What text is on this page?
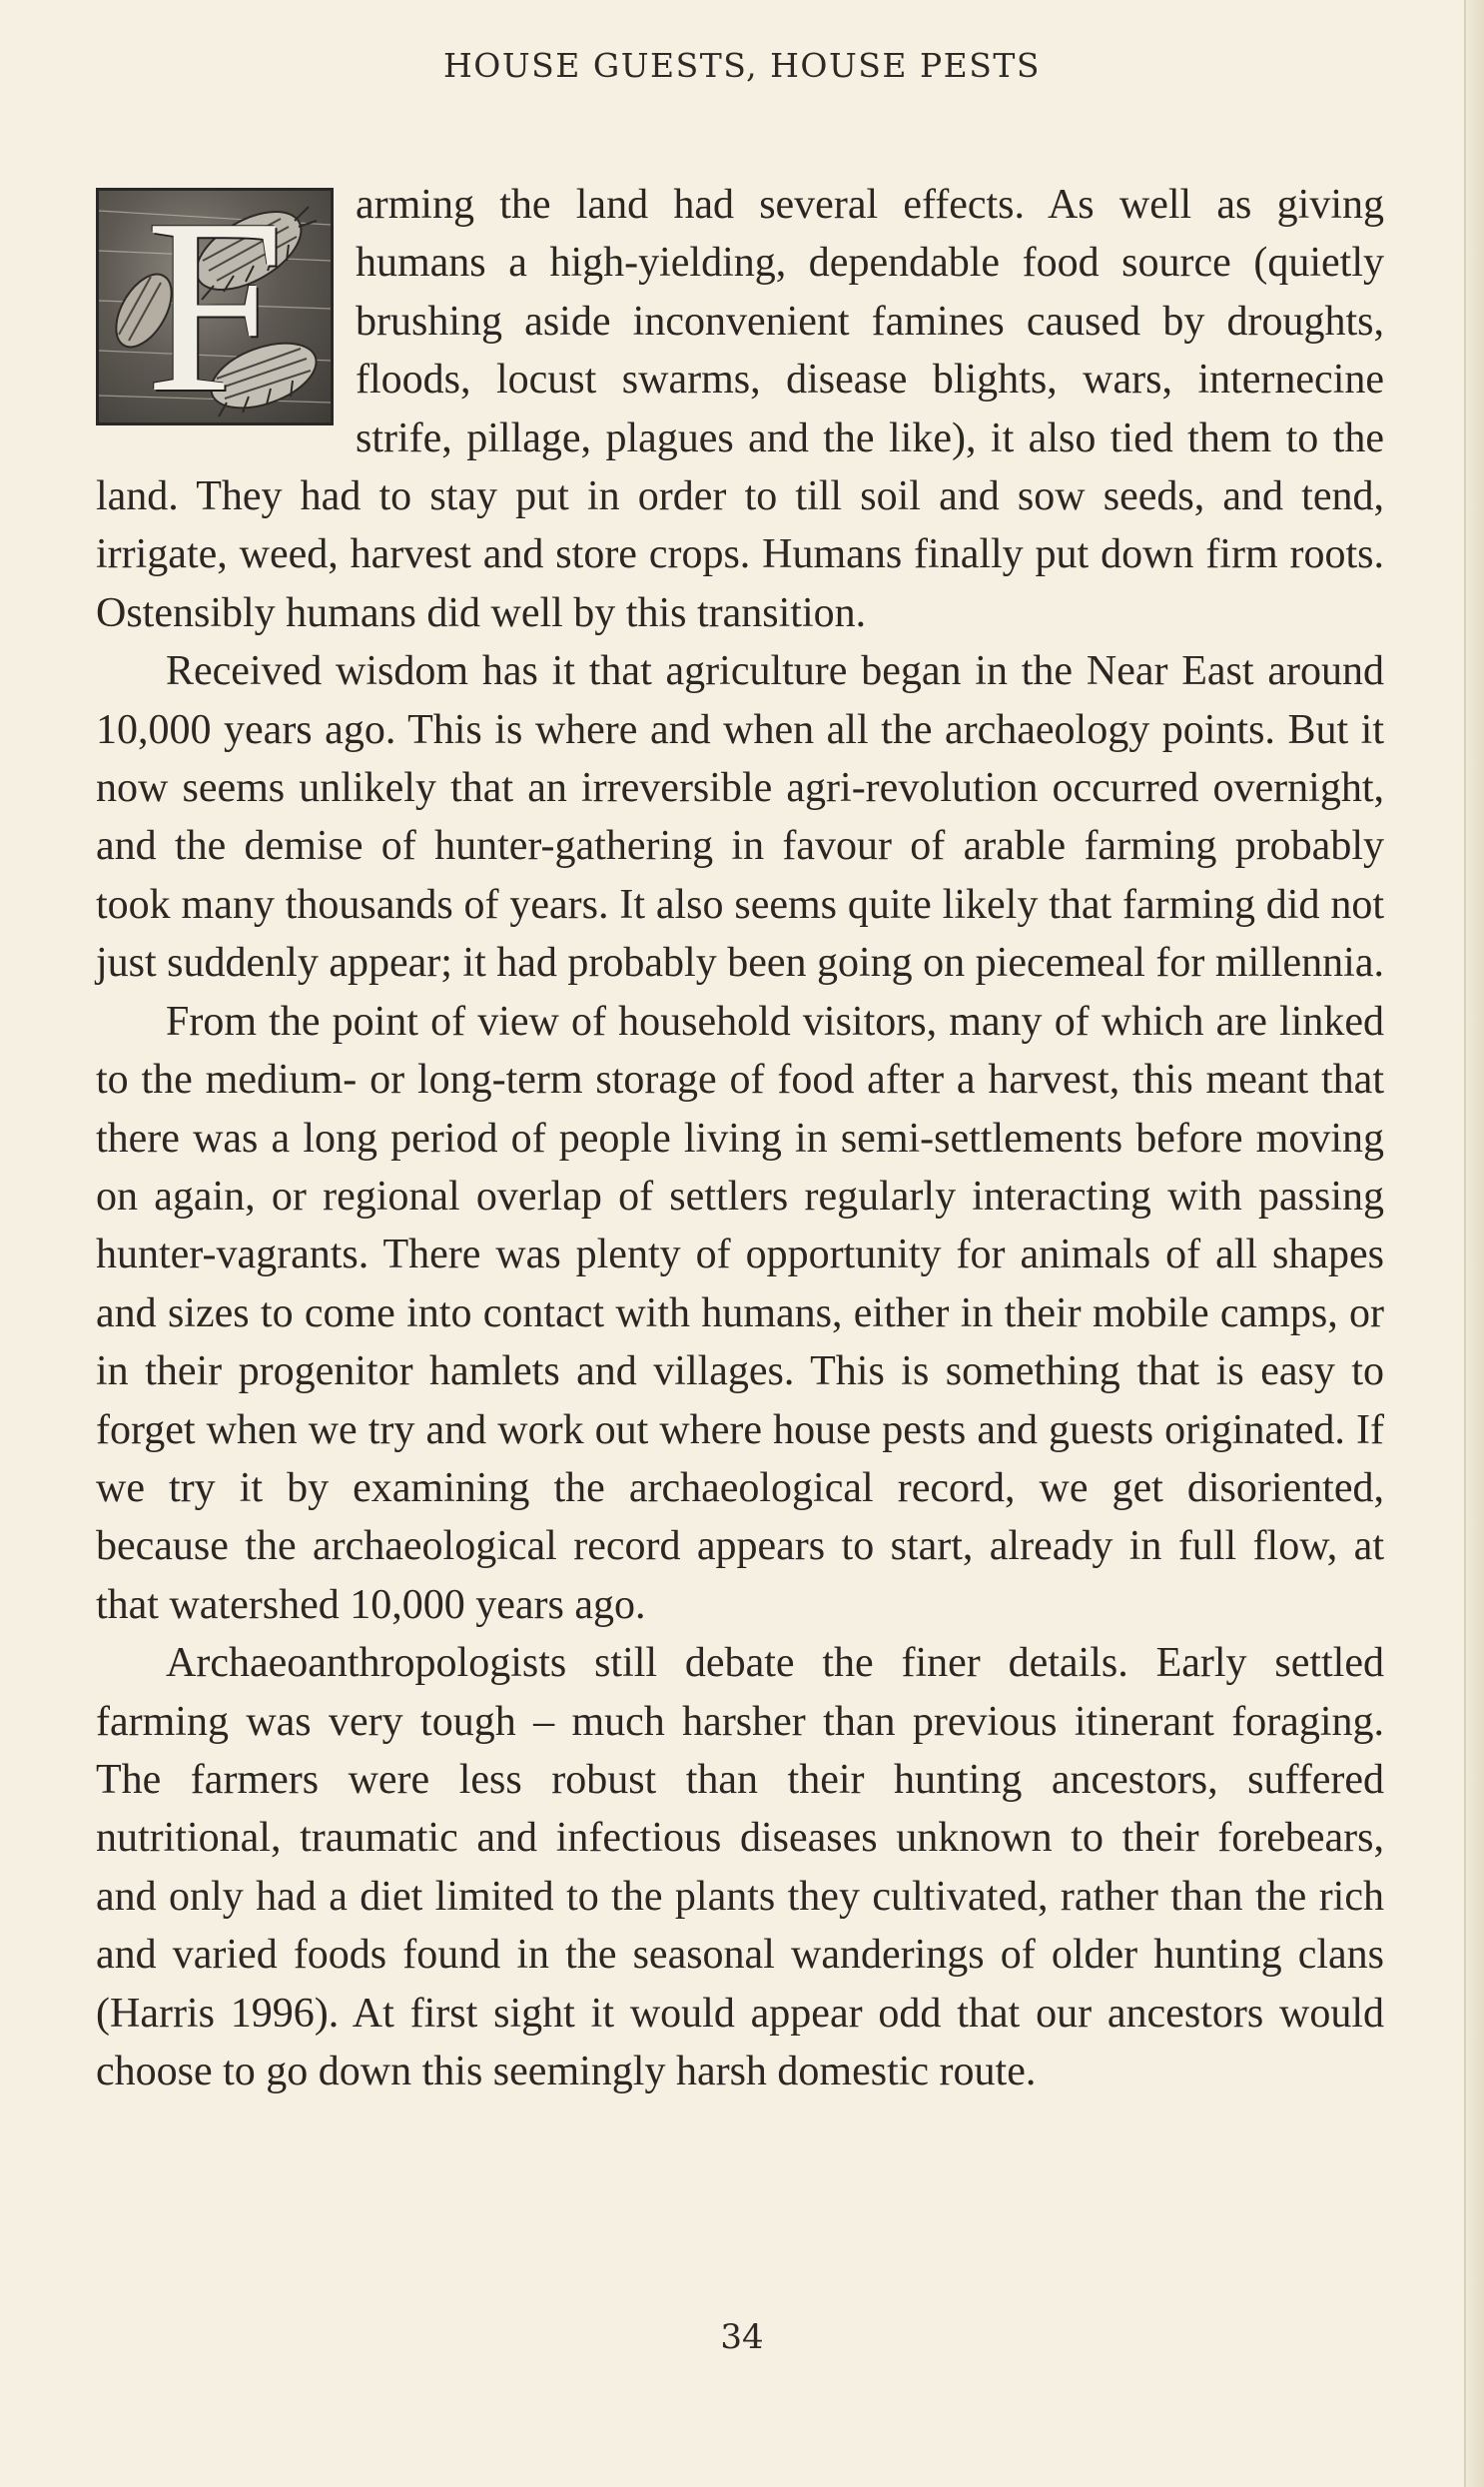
HOUSE GUESTS, HOUSE PESTS

F	arming the land had several effects. As well as giving humans a high-yielding, dependable food source (quietly brushing aside inconvenient famines caused by droughts, floods, locust swarms, disease blights, wars, internecine strife, pillage, plagues and the like), it also tied them to the land. They had to stay put in order to till soil and sow seeds, and tend, irrigate, weed, harvest and store crops. Humans finally put down firm roots. Ostensibly humans did well by this transition.

Received wisdom has it that agriculture began in the Near East around 10,000 years ago. This is where and when all the archaeology points. But it now seems unlikely that an irreversible agri-revolution occurred overnight, and the demise of hunter-gathering in favour of arable farming probably took many thousands of years. It also seems quite likely that farming did not just suddenly appear; it had probably been going on piecemeal for millennia.

From the point of view of household visitors, many of which are linked to the medium- or long-term storage of food after a harvest, this meant that there was a long period of people living in semi-settlements before moving on again, or regional overlap of settlers regularly interacting with passing hunter-vagrants. There was plenty of opportunity for animals of all shapes and sizes to come into contact with humans, either in their mobile camps, or in their progenitor hamlets and villages. This is something that is easy to forget when we try and work out where house pests and guests originated. If we try it by examining the archaeological record, we get disoriented, because the archaeological record appears to start, already in full flow, at that watershed 10,000 years ago.

Archaeoanthropologists still debate the finer details. Early settled farming was very tough – much harsher than previous itinerant foraging. The farmers were less robust than their hunting ancestors, suffered nutritional, traumatic and infectious diseases unknown to their forebears, and only had a diet limited to the plants they cultivated, rather than the rich and varied foods found in the seasonal wanderings of older hunting clans (Harris 1996). At first sight it would appear odd that our ancestors would choose to go down this seemingly harsh domestic route.

34
